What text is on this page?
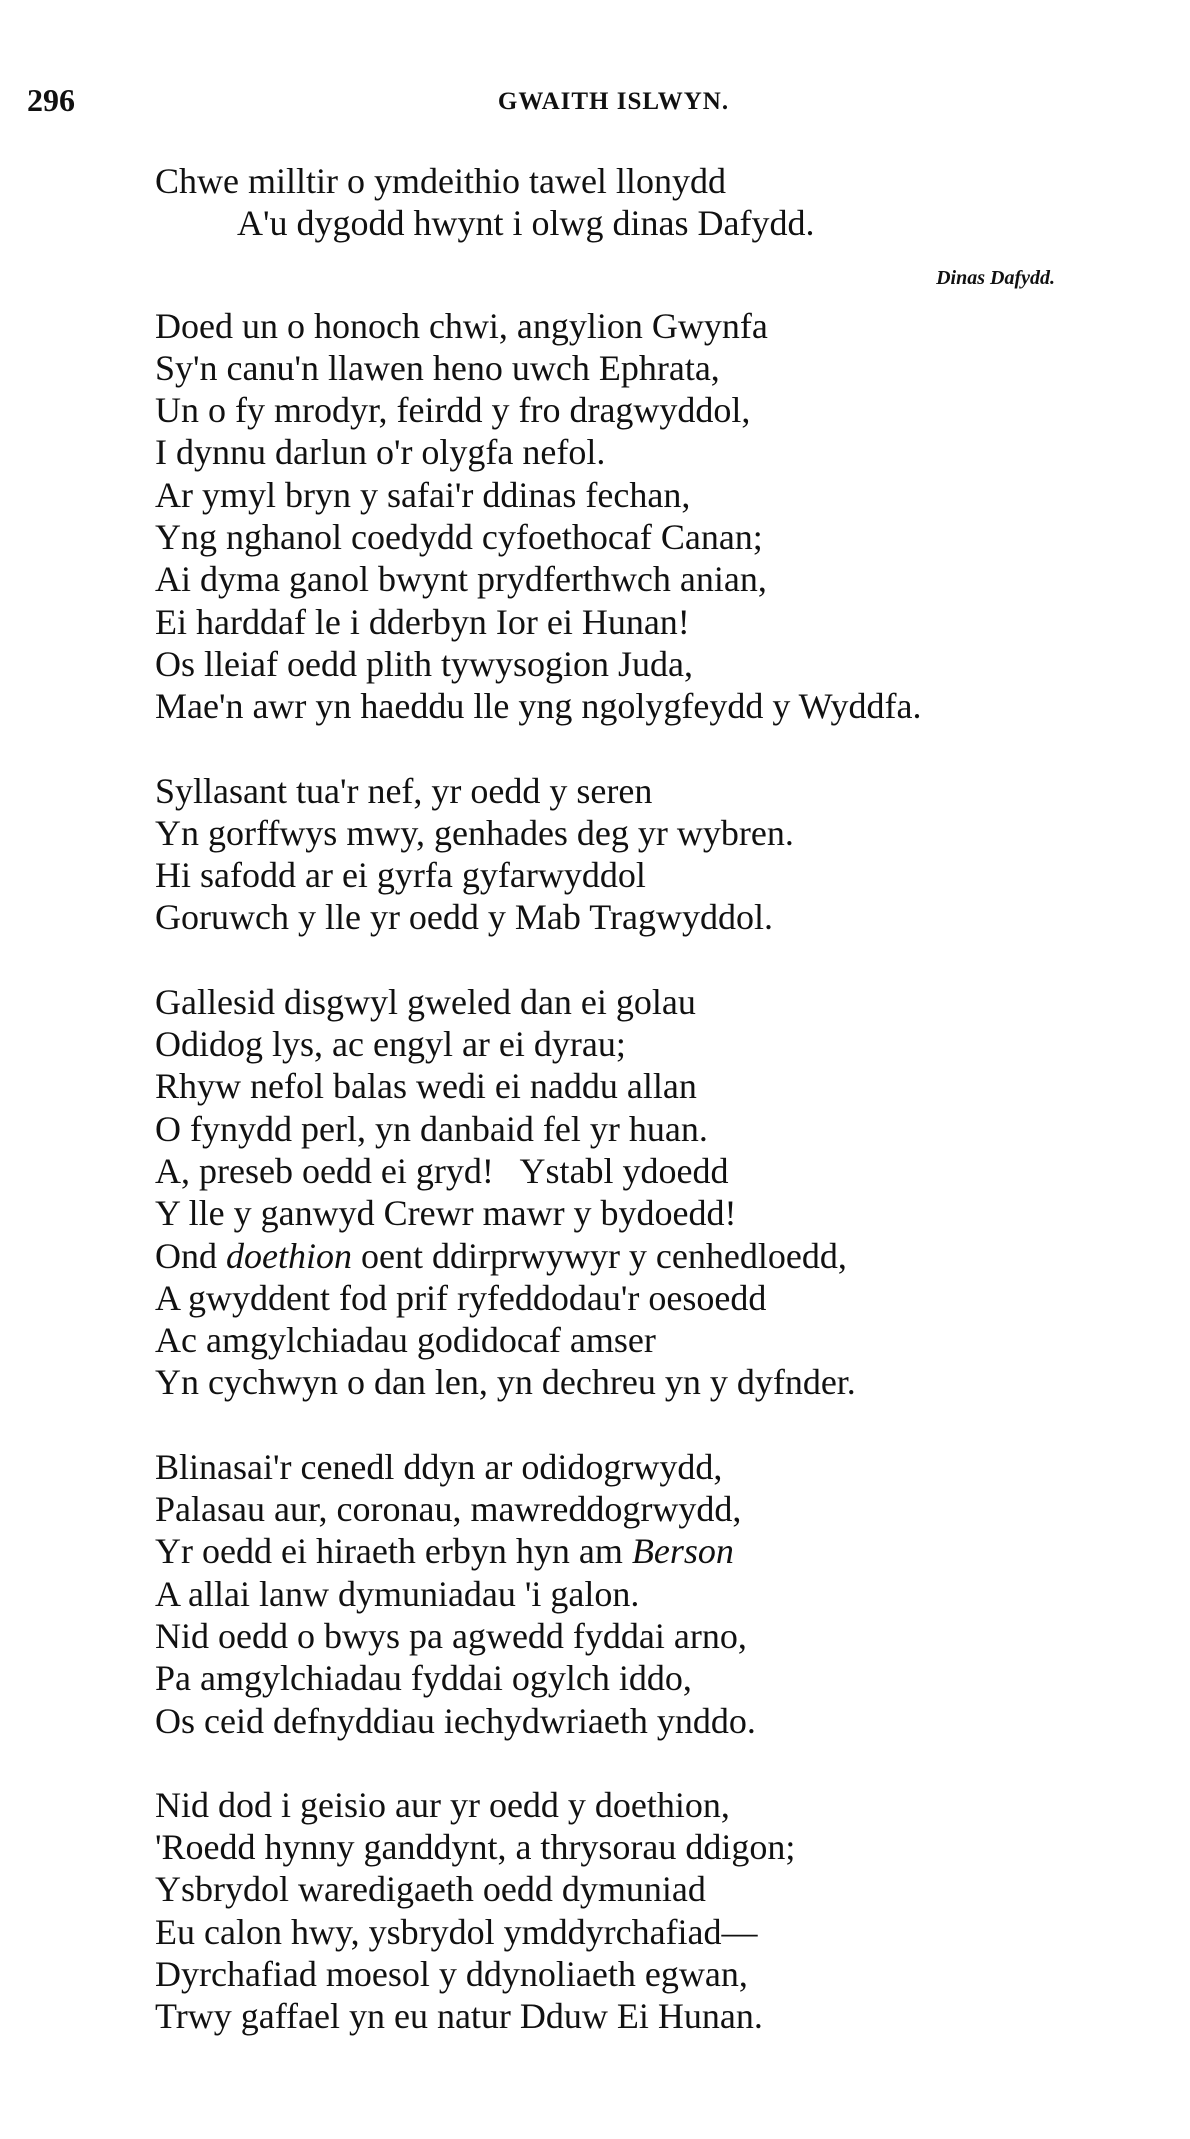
296	GWAITH ISLWYN.
Chwe milltir o ymdeithio tawel llonydd
A'u dygodd hwynt i olwg dinas Dafydd.
Dinas Dafydd.
Doed un o honoch chwi, angylion Gwynfa
Sy'n canu'n llawen heno uwch Ephrata,
Un o fy mrodyr, feirdd y fro dragwyddol,
I dynnu darlun o'r olygfa nefol.
Ar ymyl bryn y safai'r ddinas fechan,
Yng nghanol coedydd cyfoethocaf Canan;
Ai dyma ganol bwynt prydferthwch anian,
Ei harddaf le i dderbyn Ior ei Hunan!
Os lleiaf oedd plith tywysogion Juda,
Mae'n awr yn haeddu lle yng ngolygfeydd y Wyddfa.
Syllasant tua'r nef, yr oedd y seren
Yn gorffwys mwy, genhades deg yr wybren.
Hi safodd ar ei gyrfa gyfarwyddol
Goruwch y lle yr oedd y Mab Tragwyddol.
Gallesid disgwyl gweled dan ei golau
Odidog lys, ac engyl ar ei dyrau;
Rhyw nefol balas wedi ei naddu allan
O fynydd perl, yn danbaid fel yr huan.
A, preseb oedd ei gryd!   Ystabl ydoedd
Y lle y ganwyd Crewr mawr y bydoedd!
Ond doethion oent ddirprwywyr y cenhedloedd,
A gwyddent fod prif ryfeddodau'r oesoedd
Ac amgylchiadau godidocaf amser
Yn cychwyn o dan len, yn dechreu yn y dyfnder.
Blinasai'r cenedl ddyn ar odidogrwydd,
Palasau aur, coronau, mawreddogrwydd,
Yr oedd ei hiraeth erbyn hyn am Berson
A allai lanw dymuniadau 'i galon.
Nid oedd o bwys pa agwedd fyddai arno,
Pa amgylchiadau fyddai ogylch iddo,
Os ceid defnyddiau iechydwriaeth ynddo.
Nid dod i geisio aur yr oedd y doethion,
'Roedd hynny ganddynt, a thrysorau ddigon;
Ysbrydol waredigaeth oedd dymuniad
Eu calon hwy, ysbrydol ymddyrchafiad—
Dyrchafiad moesol y ddynoliaeth egwan,
Trwy gaffael yn eu natur Dduw Ei Hunan.
